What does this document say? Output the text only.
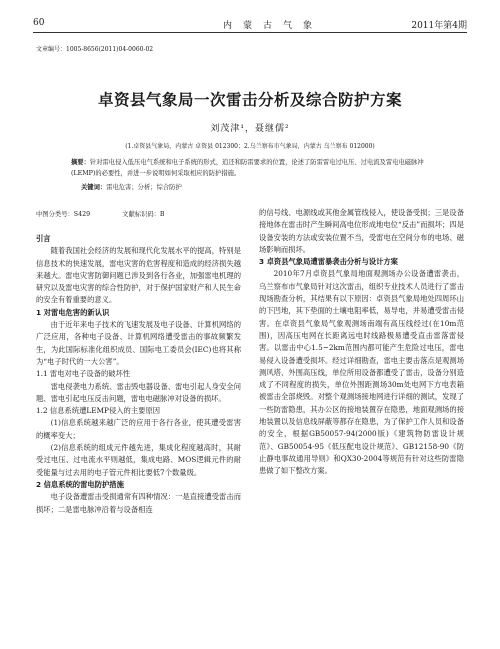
60	内蒙古气象	2011年第4期
文章编号：1005-8656(2011)04-0060-02
卓资县气象局一次雷击分析及综合防护方案
刘茂津¹，聂继儒²
(1.卓资县气象局，内蒙古 卓资县 012300；2.乌兰察布市气象局，内蒙古 乌兰察布 012000)
摘要：针对雷电侵入低压电气系统和电子系统的形式，追还和防雷要求的位置，论述了防雷雷电过电压、过电流及雷电电磁脉冲(LEMP)的必要性，并进一步说明如何采取相应的防护措施。
关键词：雷电危害；分析；综合防护
中图分类号：S429	文献标识码：B

引言

随着我国社会经济的发展和现代化发展水平的提高，特别是信息技术的快速发展，雷电灾害的危害程度和造成的经济损失越来越大。雷电灾害防御问题已涉及到各行各业，加强雷电机理的研究以及雷电灾害的综合性防护，对于保护国家财产和人民生命的安全有着重要的意义。

1 对雷电危害的新认识

由于近年来电子技术的飞速发展及电子设备、计算机网络的广泛应用，各种电子设备、计算机网络遭受雷击的事故频繁发生，为此国际标准化组织成员、国际电工委员会(IEC)也将其称为“电子时代的一大公害”。

1.1 雷电对电子设备的破坏性

雷电侵袭电力系统、雷击毁电器设备、雷电引起人身安全问题、雷电引起电压反击问题，雷电电磁脉冲对设备的损坏。

1.2 信息系统遭LEMP侵入的主要原因

(1)信息系统越来越广泛的应用于各行各业，使其遭受雷害的概率变大；

(2)信息系统的组成元件越先进，集成化程度越高时，其耐受过电压、过电流水平则越低，集成电路、MOS逻辑元件的耐受能量与过去用的电子管元件相比要低7个数量级。

2 信息系统的雷电防护措施

电子设备遭雷击受损通常有四种情况：一是直接遭受雷击而损坏；二是雷电脉冲沿着与设备相连

的信号线、电源线或其他金属管线侵入，使设备受损；三是设备接地体在雷击时产生瞬间高电位形成地电位“反击”而损坏；四是设备安装的方法或安装位置不当，受雷电在空间分布的电场、磁场影响而损坏。

3 卓资县气象局遭雷暴袭击分析与设计方案

2010年7月卓资县气象局地面观测场办公设备遭雷袭击，乌兰察布市气象局针对这次雷击，组织专业技术人员进行了雷击现场勘查分析，其结果有以下原因：卓资县气象局地处四周环山的下凹地，其下垫面的土壤电阻率低，易导电，并易遭受雷击侵害。在卓资县气象局气象观测场南端有高压线经过(在10m范围)，因高压电网在长距离远电时线路极易遭受直击雷落雷侵害。以雷击中心1.5~2km范围内都可能产生危险过电压，雷电易侵入设备遭受损坏。经过详细勘查，雷电主要击落点是观测场测风塔、外围高压线，单位所用设备都遭受了雷击，设备分别造成了不同程度的损失，单位外围距测场30m处电网下方电表箱被雷击全部烧毁。对整个观测场接地网进行详细的测试，发现了一些防雷隐患，其办公区的接地装置存在隐患，地面观测场的接地装置以及信息线屏蔽等都存在隐患，为了保护工作人员和设备的安全，根据GB50057-94(2000版)《建筑物防雷设计规范》、GB50054-95《低压配电设计规范》、GB12158-90《防止静电事故通用导则》和QX30-2004等规范有针对这些防雷隐患做了如下整改方案。
